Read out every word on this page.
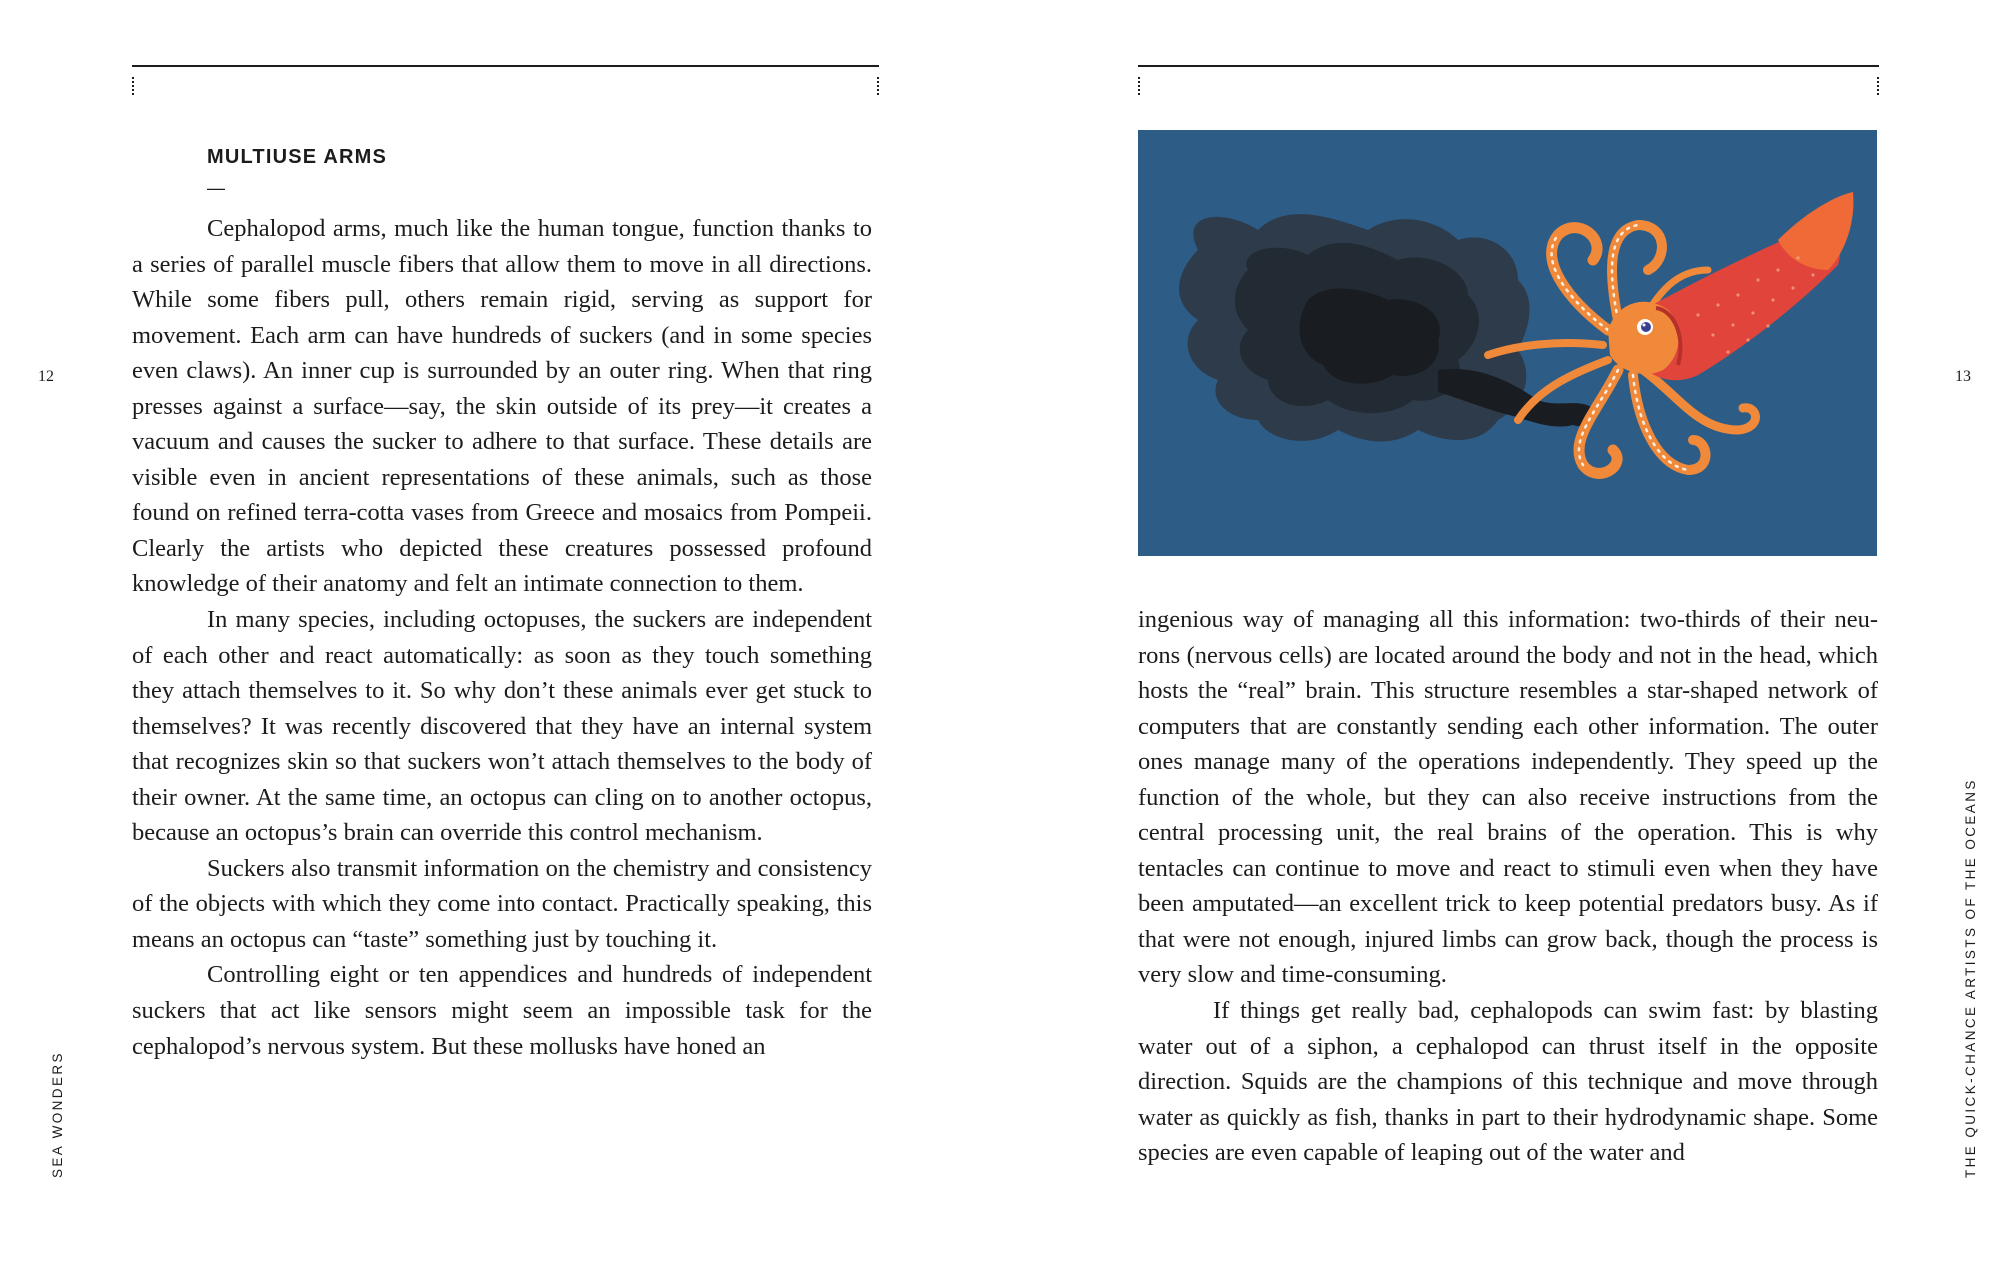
MULTIUSE ARMS
—

Cephalopod arms, much like the human tongue, function thanks to a series of parallel muscle fibers that allow them to move in all directions. While some fibers pull, others remain rigid, serving as support for movement. Each arm can have hundreds of suckers (and in some species even claws). An inner cup is surrounded by an outer ring. When that ring presses against a surface—say, the skin outside of its prey—it creates a vacuum and causes the sucker to adhere to that surface. These details are visible even in ancient representations of these animals, such as those found on refined terra-cotta vases from Greece and mosaics from Pompeii. Clearly the artists who depicted these creatures possessed profound knowledge of their anatomy and felt an intimate connection to them.

In many species, including octopuses, the suckers are independent of each other and react automatically: as soon as they touch something they attach themselves to it. So why don’t these animals ever get stuck to themselves? It was recently discovered that they have an internal system that recognizes skin so that suckers won’t attach themselves to the body of their owner. At the same time, an octopus can cling on to another octopus, because an octopus’s brain can override this control mechanism.

Suckers also transmit information on the chemistry and consistency of the objects with which they come into contact. Practically speaking, this means an octopus can “taste” something just by touching it.

Controlling eight or ten appendices and hundreds of independent suckers that act like sensors might seem an impossible task for the cephalopod’s nervous system. But these mollusks have honed an

12
SEA WONDERS

ingenious way of managing all this information: two-thirds of their neurons (nervous cells) are located around the body and not in the head, which hosts the “real” brain. This structure resembles a star-shaped network of computers that are constantly sending each other information. The outer ones manage many of the operations independently. They speed up the function of the whole, but they can also receive instructions from the central processing unit, the real brains of the operation. This is why tentacles can continue to move and react to stimuli even when they have been amputated—an excellent trick to keep potential predators busy. As if that were not enough, injured limbs can grow back, though the process is very slow and time-consuming.

If things get really bad, cephalopods can swim fast: by blasting water out of a siphon, a cephalopod can thrust itself in the opposite direction. Squids are the champions of this technique and move through water as quickly as fish, thanks in part to their hydrodynamic shape. Some species are even capable of leaping out of the water and

13
THE QUICK-CHANCE ARTISTS OF THE OCEANS
